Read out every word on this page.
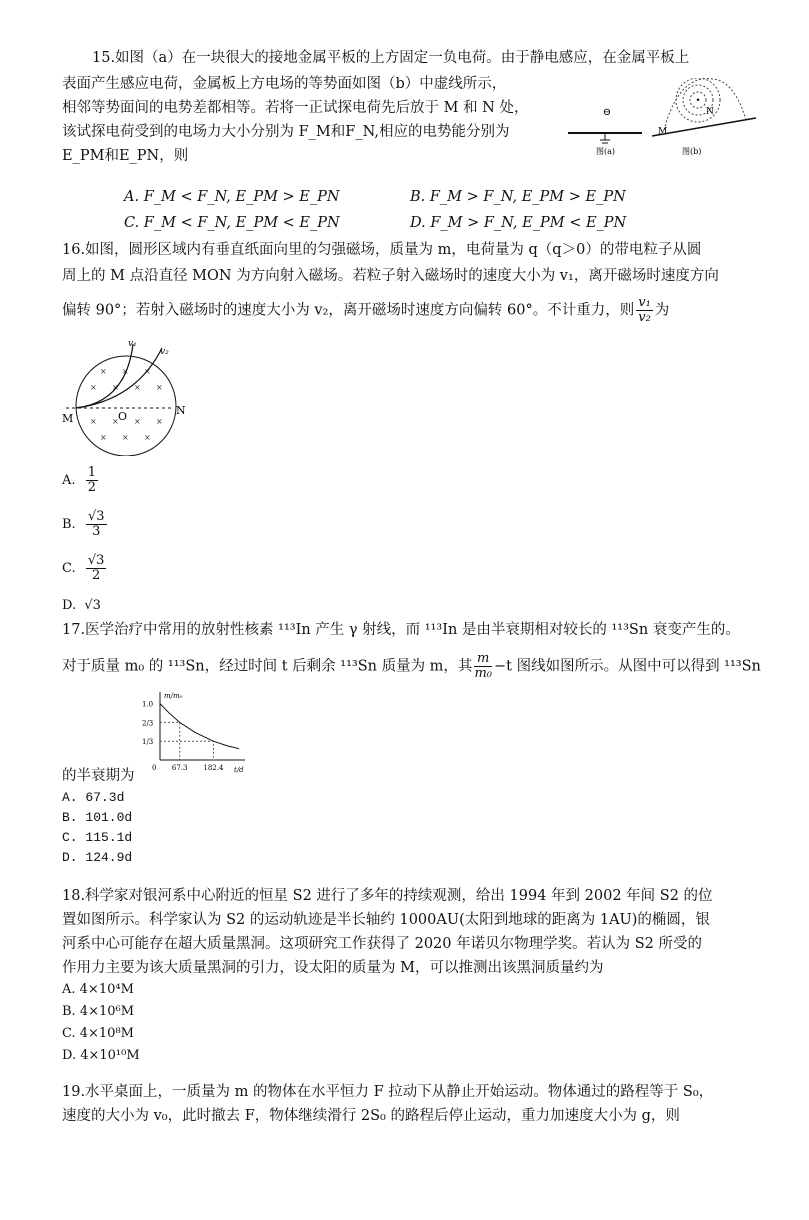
15.如图（a）在一块很大的接地金属平板的上方固定一负电荷。由于静电感应，在金属平板上
表面产生感应电荷，金属板上方电场的等势面如图（b）中虚线所示，
相邻等势面间的电势差都相等。若将一正试探电荷先后放于 M 和 N 处，
该试探电荷受到的电场力大小分别为 F_M和F_N,相应的电势能分别为
E_PM和E_PN，则
⊖
图(a)
•
M
N
图(b)
A. F_M < F_N, E_PM > E_PN	B. F_M > F_N, E_PM > E_PN
C. F_M < F_N, E_PM < E_PN	D. F_M > F_N, E_PM < E_PN
16.如图，圆形区域内有垂直纸面向里的匀强磁场，质量为 m，电荷量为 q（q＞0）的带电粒子从圆
周上的 M 点沿直径 MON 为方向射入磁场。若粒子射入磁场时的速度大小为 v₁，离开磁场时速度方向
偏转 90°；若射入磁场时的速度大小为 v₂，离开磁场时速度方向偏转 60°。不计重力，则 $\frac{\text{v₁}}{\text{v₂}}$ 为
× × ×
× × × ×
× × × ×
× × ×
v₁
v₂
M	O	N
A. $\frac{1}{2}$
B. $\frac{√3}{3}$
C. $\frac{√3}{2}$
D. √3
17.医学治疗中常用的放射性核素 ¹¹³In 产生 γ 射线，而 ¹¹³In 是由半衰期相对较长的 ¹¹³Sn 衰变产生的。
对于质量 m₀ 的 ¹¹³Sn，经过时间 t 后剩余 ¹¹³Sn 质量为 m，其 $\frac{m}{\text{m₀}} -t$ 图线如图所示。从图中可以得到 ¹¹³Sn
m/m₀
t/d
1.0
2/3
1/3
0 67.3 182.4
的半衰期为
A. 67.3d
B. 101.0d
C. 115.1d
D. 124.9d
18.科学家对银河系中心附近的恒星 S2 进行了多年的持续观测，给出 1994 年到 2002 年间 S2 的位
置如图所示。科学家认为 S2 的运动轨迹是半长轴约 1000AU(太阳到地球的距离为 1AU)的椭圆，银
河系中心可能存在超大质量黑洞。这项研究工作获得了 2020 年诺贝尔物理学奖。若认为 S2 所受的
作用力主要为该大质量黑洞的引力，设太阳的质量为 M，可以推测出该黑洞质量约为
A. 4×10⁴M
B. 4×10⁶M
C. 4×10⁸M
D. 4×10¹⁰M
19.水平桌面上，一质量为 m 的物体在水平恒力 F 拉动下从静止开始运动。物体通过的路程等于 S₀，
速度的大小为 v₀，此时撤去 F，物体继续滑行 2S₀ 的路程后停止运动，重力加速度大小为 g，则
